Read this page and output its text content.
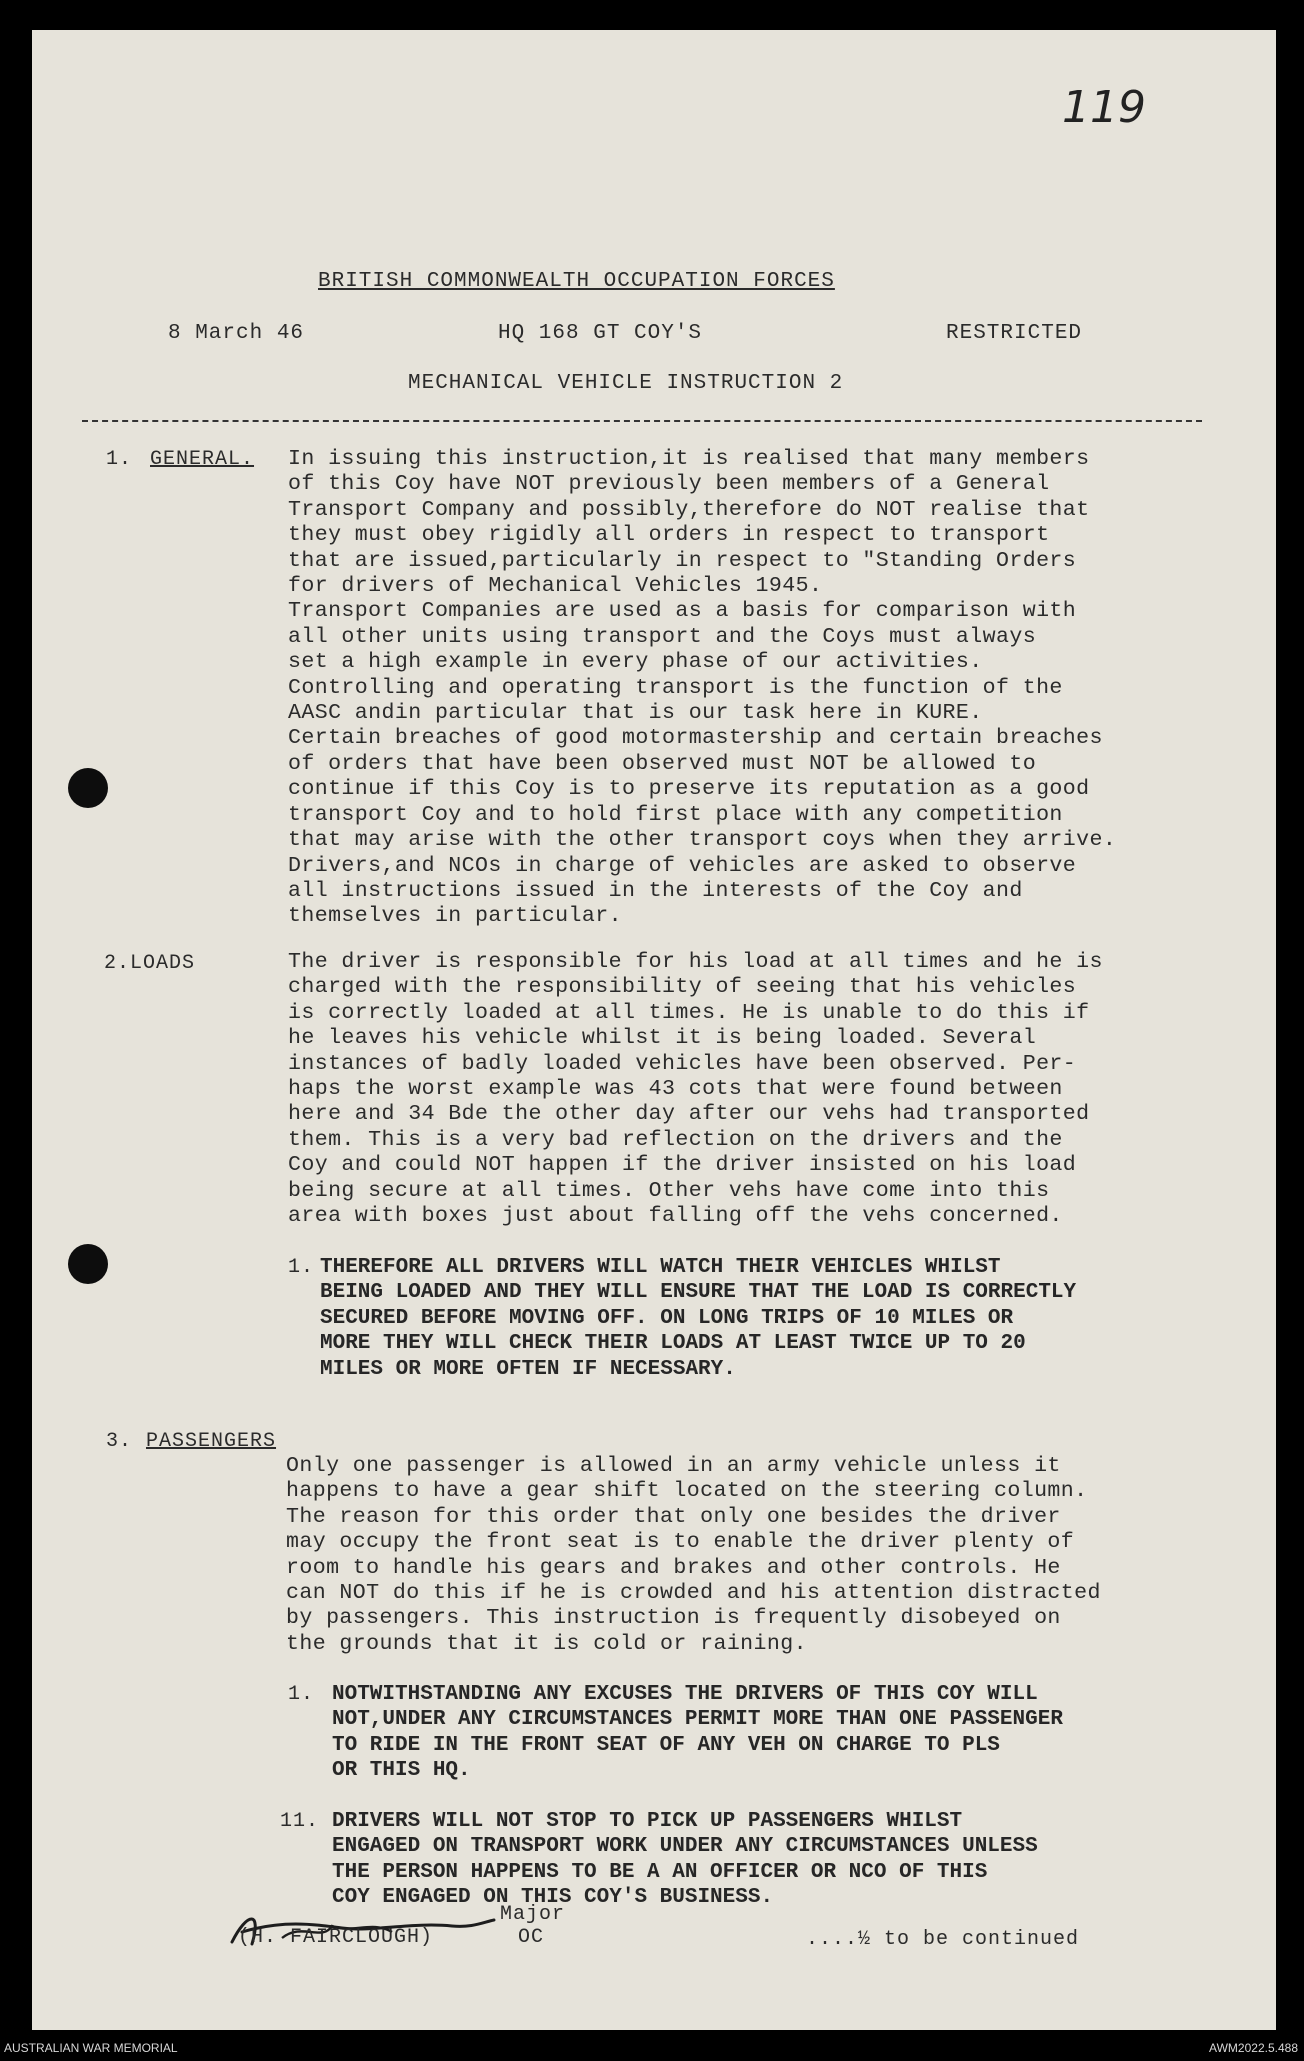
119
BRITISH COMMONWEALTH OCCUPATION FORCES
8 March 46	HQ 168 GT COY'S	RESTRICTED
MECHANICAL VEHICLE INSTRUCTION 2
1. GENERAL. In issuing this instruction,it is realised that many members
of this Coy have NOT previously been members of a General
Transport Company and possibly,therefore do NOT realise that
they must obey rigidly all orders in respect to transport
that are issued,particularly in respect to "Standing Orders
for drivers of Mechanical Vehicles 1945.
Transport Companies are used as a basis for comparison with
all other units using transport and the Coys must always
set a high example in every phase of our activities.
Controlling and operating transport is the function of the
AASC andin particular that is our task here in KURE.
Certain breaches of good motormastership and certain breaches
of orders that have been observed must NOT be allowed to
continue if this Coy is to preserve its reputation as a good
transport Coy and to hold first place with any competition
that may arise with the other transport coys when they arrive.
Drivers,and NCOs in charge of vehicles are asked to observe
all instructions issued in the interests of the Coy and
themselves in particular.
2.LOADS	The driver is responsible for his load at all times and he is
charged with the responsibility of seeing that his vehicles
is correctly loaded at all times. He is unable to do this if
he leaves his vehicle whilst it is being loaded. Several
instances of badly loaded vehicles have been observed. Per-
haps the worst example was 43 cots that were found between
here and 34 Bde the other day after our vehs had transported
them. This is a very bad reflection on the drivers and the
Coy and could NOT happen if the driver insisted on his load
being secure at all times. Other vehs have come into this
area with boxes just about falling off the vehs concerned.
1. THEREFORE ALL DRIVERS WILL WATCH THEIR VEHICLES WHILST
BEING LOADED AND THEY WILL ENSURE THAT THE LOAD IS CORRECTLY
SECURED BEFORE MOVING OFF. ON LONG TRIPS OF 10 MILES OR
MORE THEY WILL CHECK THEIR LOADS AT LEAST TWICE UP TO 20
MILES OR MORE OFTEN IF NECESSARY.
3. PASSENGERS
Only one passenger is allowed in an army vehicle unless it
happens to have a gear shift located on the steering column.
The reason for this order that only one besides the driver
may occupy the front seat is to enable the driver plenty of
room to handle his gears and brakes and other controls. He
can NOT do this if he is crowded and his attention distracted
by passengers. This instruction is frequently disobeyed on
the grounds that it is cold or raining.
1. NOTWITHSTANDING ANY EXCUSES THE DRIVERS OF THIS COY WILL
NOT,UNDER ANY CIRCUMSTANCES PERMIT MORE THAN ONE PASSENGER
TO RIDE IN THE FRONT SEAT OF ANY VEH ON CHARGE TO PLS
OR THIS HQ.
11. DRIVERS WILL NOT STOP TO PICK UP PASSENGERS WHILST
ENGAGED ON TRANSPORT WORK UNDER ANY CIRCUMSTANCES UNLESS
THE PERSON HAPPENS TO BE A AN OFFICER OR NCO OF THIS
COY ENGAGED ON THIS COY'S BUSINESS.
Major
(H. FAIRCLOUGH)	OC	....½ to be continued
AUSTRALIAN WAR MEMORIAL	AWM2022.5.488
